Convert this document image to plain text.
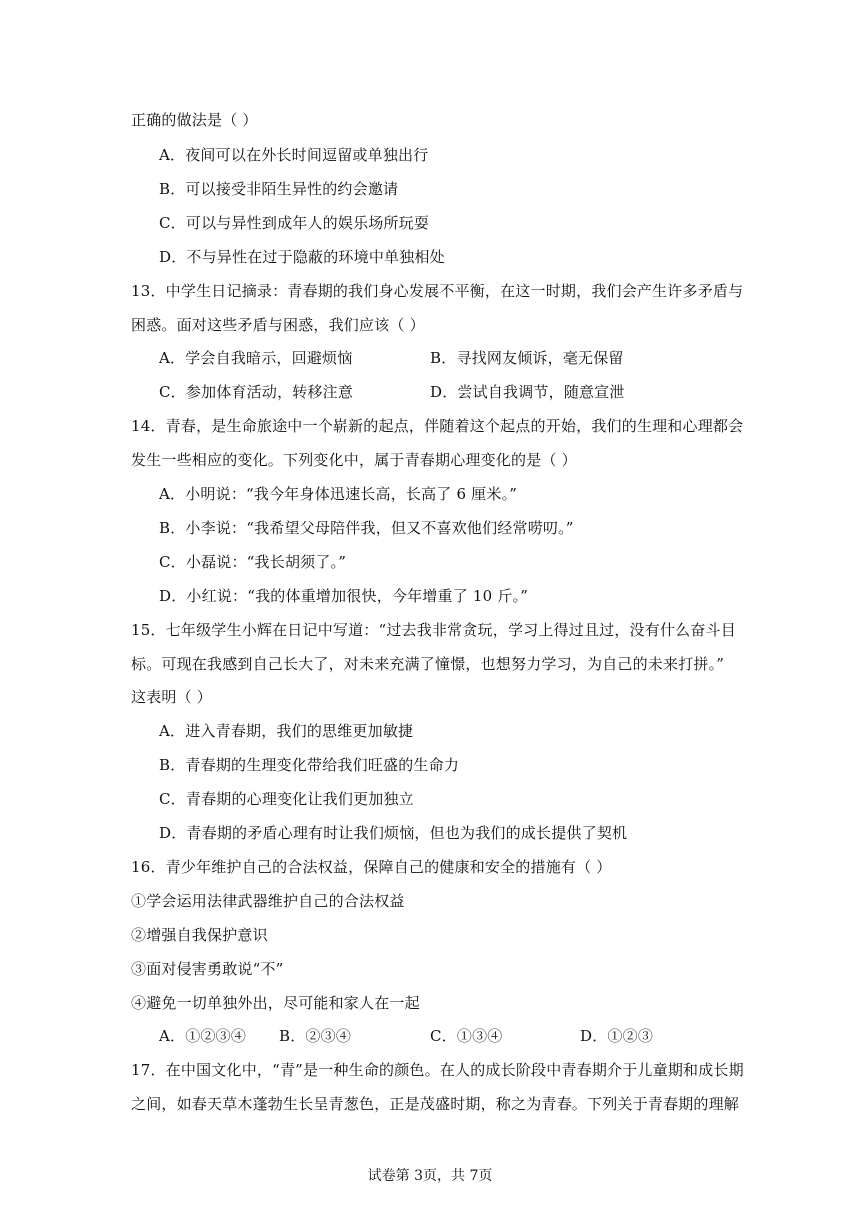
正确的做法是（ ）
A．夜间可以在外长时间逗留或单独出行
B．可以接受非陌生异性的约会邀请
C．可以与异性到成年人的娱乐场所玩耍
D．不与异性在过于隐蔽的环境中单独相处
13．中学生日记摘录：青春期的我们身心发展不平衡，在这一时期，我们会产生许多矛盾与
困惑。面对这些矛盾与困惑，我们应该（ ）
A．学会自我暗示，回避烦恼	B．寻找网友倾诉，毫无保留
C．参加体育活动，转移注意	D．尝试自我调节，随意宣泄
14．青春，是生命旅途中一个崭新的起点，伴随着这个起点的开始，我们的生理和心理都会
发生一些相应的变化。下列变化中，属于青春期心理变化的是（ ）
A．小明说：“我今年身体迅速长高，长高了 6 厘米。”
B．小李说：“我希望父母陪伴我，但又不喜欢他们经常唠叨。”
C．小磊说：“我长胡须了。”
D．小红说：“我的体重增加很快，今年增重了 10 斤。”
15．七年级学生小辉在日记中写道：“过去我非常贪玩，学习上得过且过，没有什么奋斗目
标。可现在我感到自己长大了，对未来充满了憧憬，也想努力学习，为自己的未来打拼。”
这表明（ ）
A．进入青春期，我们的思维更加敏捷
B．青春期的生理变化带给我们旺盛的生命力
C．青春期的心理变化让我们更加独立
D．青春期的矛盾心理有时让我们烦恼，但也为我们的成长提供了契机
16．青少年维护自己的合法权益，保障自己的健康和安全的措施有（ ）
①学会运用法律武器维护自己的合法权益
②增强自我保护意识
③面对侵害勇敢说“不”
④避免一切单独外出，尽可能和家人在一起
A．①②③④ B．②③④	C．①③④	D．①②③
17．在中国文化中，“青”是一种生命的颜色。在人的成长阶段中青春期介于儿童期和成长期
之间，如春天草木蓬勃生长呈青葱色，正是茂盛时期，称之为青春。下列关于青春期的理解
试卷第 3页，共 7页
